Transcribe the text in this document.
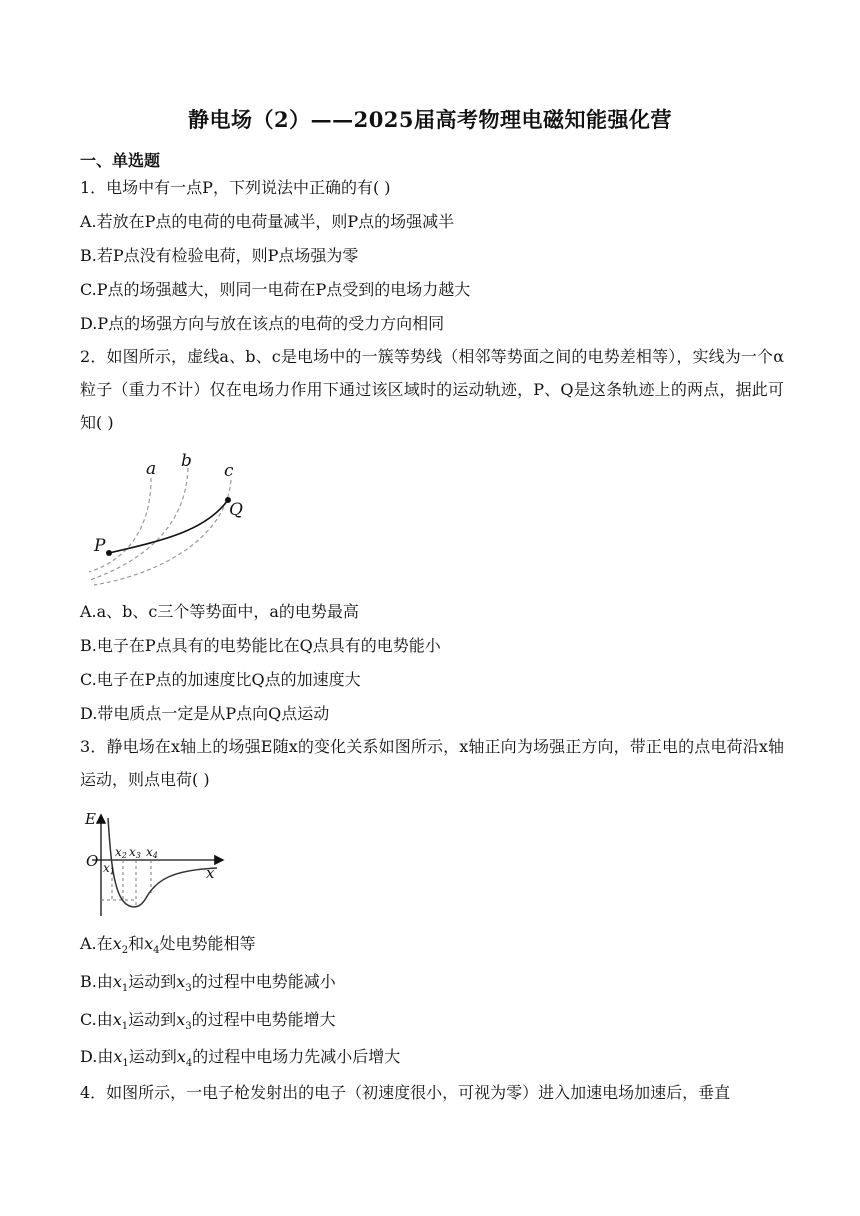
静电场（2）——2025届高考物理电磁知能强化营
一、单选题
1．电场中有一点P，下列说法中正确的有( )
A.若放在P点的电荷的电荷量减半，则P点的场强减半
B.若P点没有检验电荷，则P点场强为零
C.P点的场强越大，则同一电荷在P点受到的电场力越大
D.P点的场强方向与放在该点的电荷的受力方向相同
2．如图所示，虚线a、b、c是电场中的一簇等势线（相邻等势面之间的电势差相等），实线为一个α粒子（重力不计）仅在电场力作用下通过该区域时的运动轨迹，P、Q是这条轨迹上的两点，据此可知( )
a b c
P
Q
A.a、b、c三个等势面中，a的电势最高
B.电子在P点具有的电势能比在Q点具有的电势能小
C.电子在P点的加速度比Q点的加速度大
D.带电质点一定是从P点向Q点运动
3．静电场在x轴上的场强E随x的变化关系如图所示，x轴正向为场强正方向，带正电的点电荷沿x轴运动，则点电荷( )
E
O
x
x1
x2 x3 x4
A.在$x_2$和$x_4$处电势能相等
B.由$x_1$运动到$x_3$的过程中电势能减小
C.由$x_1$运动到$x_3$的过程中电势能增大
D.由$x_1$运动到$x_4$的过程中电场力先减小后增大
4．如图所示，一电子枪发射出的电子（初速度很小，可视为零）进入加速电场加速后，垂直
